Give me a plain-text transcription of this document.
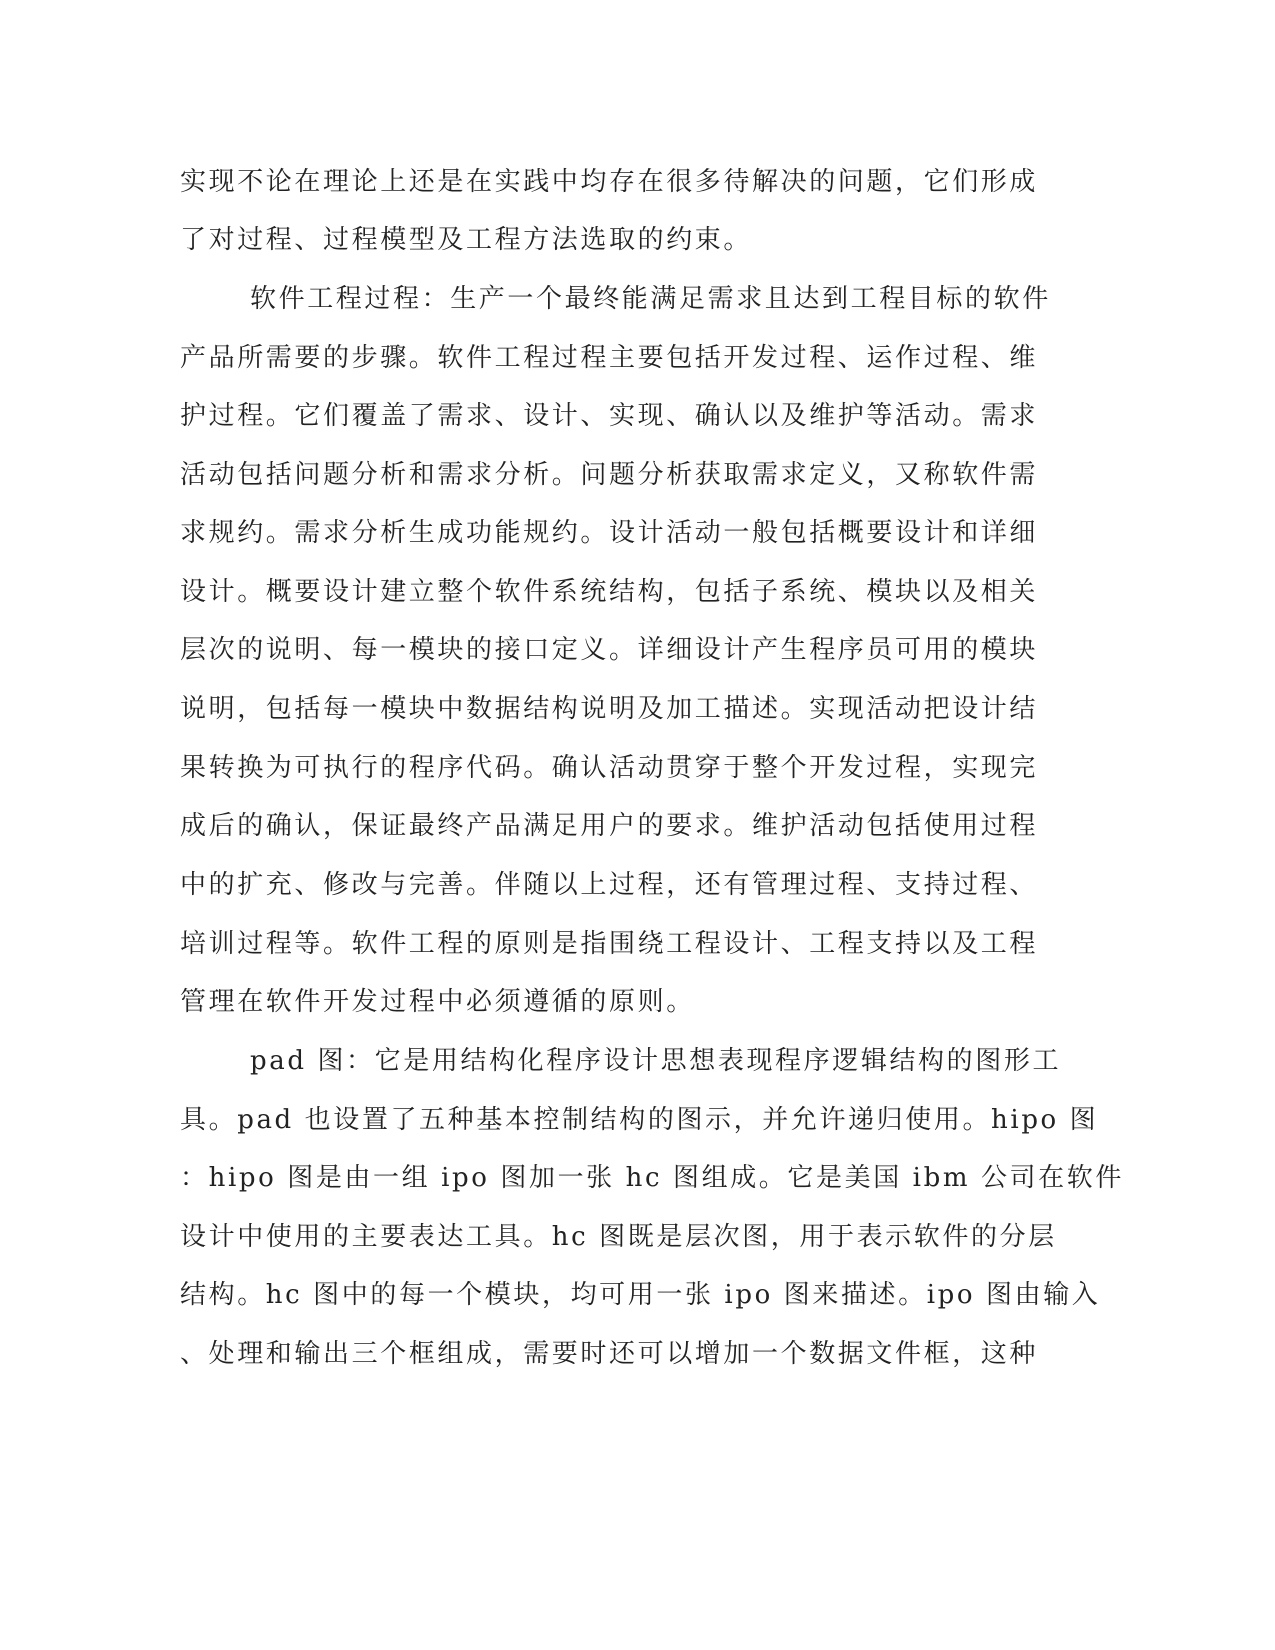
实现不论在理论上还是在实践中均存在很多待解决的问题，它们形成
了对过程、过程模型及工程方法选取的约束。
软件工程过程：生产一个最终能满足需求且达到工程目标的软件
产品所需要的步骤。软件工程过程主要包括开发过程、运作过程、维
护过程。它们覆盖了需求、设计、实现、确认以及维护等活动。需求
活动包括问题分析和需求分析。问题分析获取需求定义，又称软件需
求规约。需求分析生成功能规约。设计活动一般包括概要设计和详细
设计。概要设计建立整个软件系统结构，包括子系统、模块以及相关
层次的说明、每一模块的接口定义。详细设计产生程序员可用的模块
说明，包括每一模块中数据结构说明及加工描述。实现活动把设计结
果转换为可执行的程序代码。确认活动贯穿于整个开发过程，实现完
成后的确认，保证最终产品满足用户的要求。维护活动包括使用过程
中的扩充、修改与完善。伴随以上过程，还有管理过程、支持过程、
培训过程等。软件工程的原则是指围绕工程设计、工程支持以及工程
管理在软件开发过程中必须遵循的原则。
pad 图：它是用结构化程序设计思想表现程序逻辑结构的图形工
具。pad 也设置了五种基本控制结构的图示，并允许递归使用。hipo 图
：hipo 图是由一组 ipo 图加一张 hc 图组成。它是美国 ibm 公司在软件
设计中使用的主要表达工具。hc 图既是层次图，用于表示软件的分层
结构。hc 图中的每一个模块，均可用一张 ipo 图来描述。ipo 图由输入
、处理和输出三个框组成，需要时还可以增加一个数据文件框，这种
